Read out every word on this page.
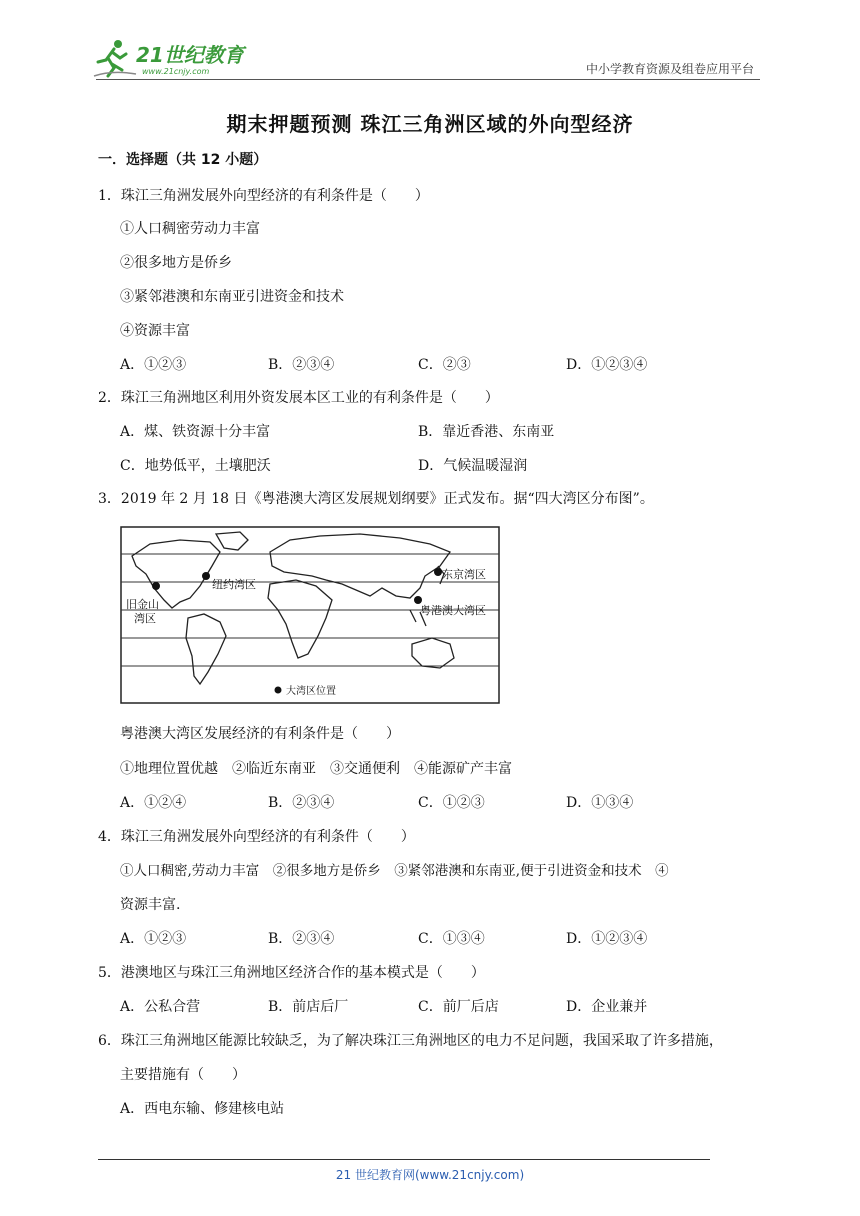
21世纪教育
www.21cnjy.com	中小学教育资源及组卷应用平台
期末押题预测 珠江三角洲区域的外向型经济
一．选择题（共 12 小题）
1．珠江三角洲发展外向型经济的有利条件是（　　）
①人口稠密劳动力丰富
②很多地方是侨乡
③紧邻港澳和东南亚引进资金和技术
④资源丰富
A．①②③	B．②③④	C．②③	D．①②③④
2．珠江三角洲地区利用外资发展本区工业的有利条件是（　　）
A．煤、铁资源十分丰富	B．靠近香港、东南亚
C．地势低平，土壤肥沃	D．气候温暖湿润
3．2019 年 2 月 18 日《粤港澳大湾区发展规划纲要》正式发布。据“四大湾区分布图”。
纽约湾区
东京湾区
旧金山
湾区
粤港澳大湾区
大湾区位置
粤港澳大湾区发展经济的有利条件是（　　）
①地理位置优越　②临近东南亚　③交通便利　④能源矿产丰富
A．①②④	B．②③④	C．①②③	D．①③④
4．珠江三角洲发展外向型经济的有利条件（　　）
①人口稠密,劳动力丰富　②很多地方是侨乡　③紧邻港澳和东南亚,便于引进资金和技术　④
资源丰富.
A．①②③	B．②③④	C．①③④	D．①②③④
5．港澳地区与珠江三角洲地区经济合作的基本模式是（　　）
A．公私合营	B．前店后厂	C．前厂后店	D．企业兼并
6．珠江三角洲地区能源比较缺乏，为了解决珠江三角洲地区的电力不足问题，我国采取了许多措施，
主要措施有（　　）
A．西电东输、修建核电站
21 世纪教育网(www.21cnjy.com)
